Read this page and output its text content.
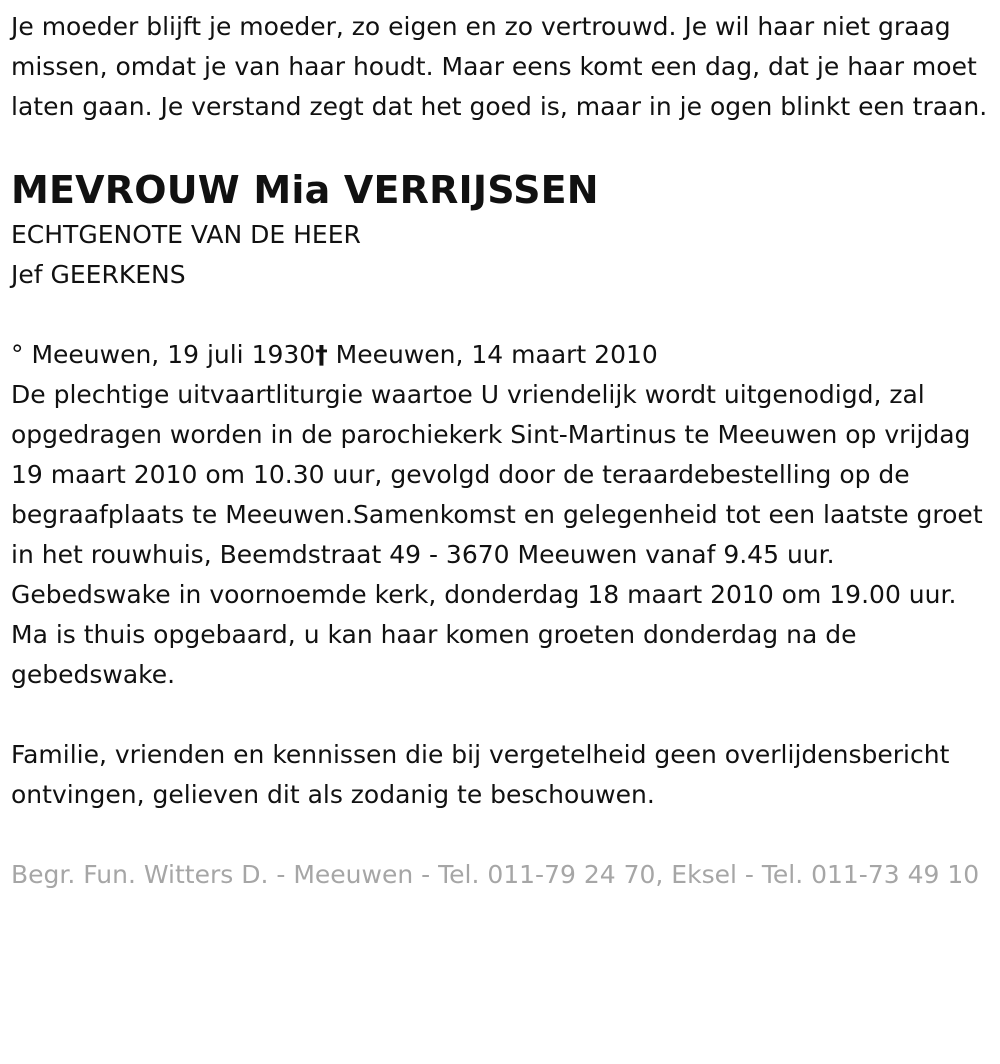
Je moeder blijft je moeder, zo eigen en zo vertrouwd. Je wil haar niet graag missen, omdat je van haar houdt. Maar eens komt een dag, dat je haar moet laten gaan. Je verstand zegt dat het goed is, maar in je ogen blinkt een traan.

MEVROUW Mia VERRIJSSEN
ECHTGENOTE VAN DE HEER
Jef GEERKENS
° Meeuwen, 19 juli 1930† Meeuwen, 14 maart 2010

De plechtige uitvaartliturgie waartoe U vriendelijk wordt uitgenodigd, zal opgedragen worden in de parochiekerk Sint-Martinus te Meeuwen op vrijdag 19 maart 2010 om 10.30 uur, gevolgd door de teraardebestelling op de begraafplaats te Meeuwen.Samenkomst en gelegenheid tot een laatste groet in het rouwhuis, Beemdstraat 49 - 3670 Meeuwen vanaf 9.45 uur.

Gebedswake in voornoemde kerk, donderdag 18 maart 2010 om 19.00 uur.

Ma is thuis opgebaard, u kan haar komen groeten donderdag na de gebedswake.

Familie, vrienden en kennissen die bij vergetelheid geen overlijdensbericht ontvingen, gelieven dit als zodanig te beschouwen.

Begr. Fun. Witters D. - Meeuwen - Tel. 011-79 24 70, Eksel - Tel. 011-73 49 10
